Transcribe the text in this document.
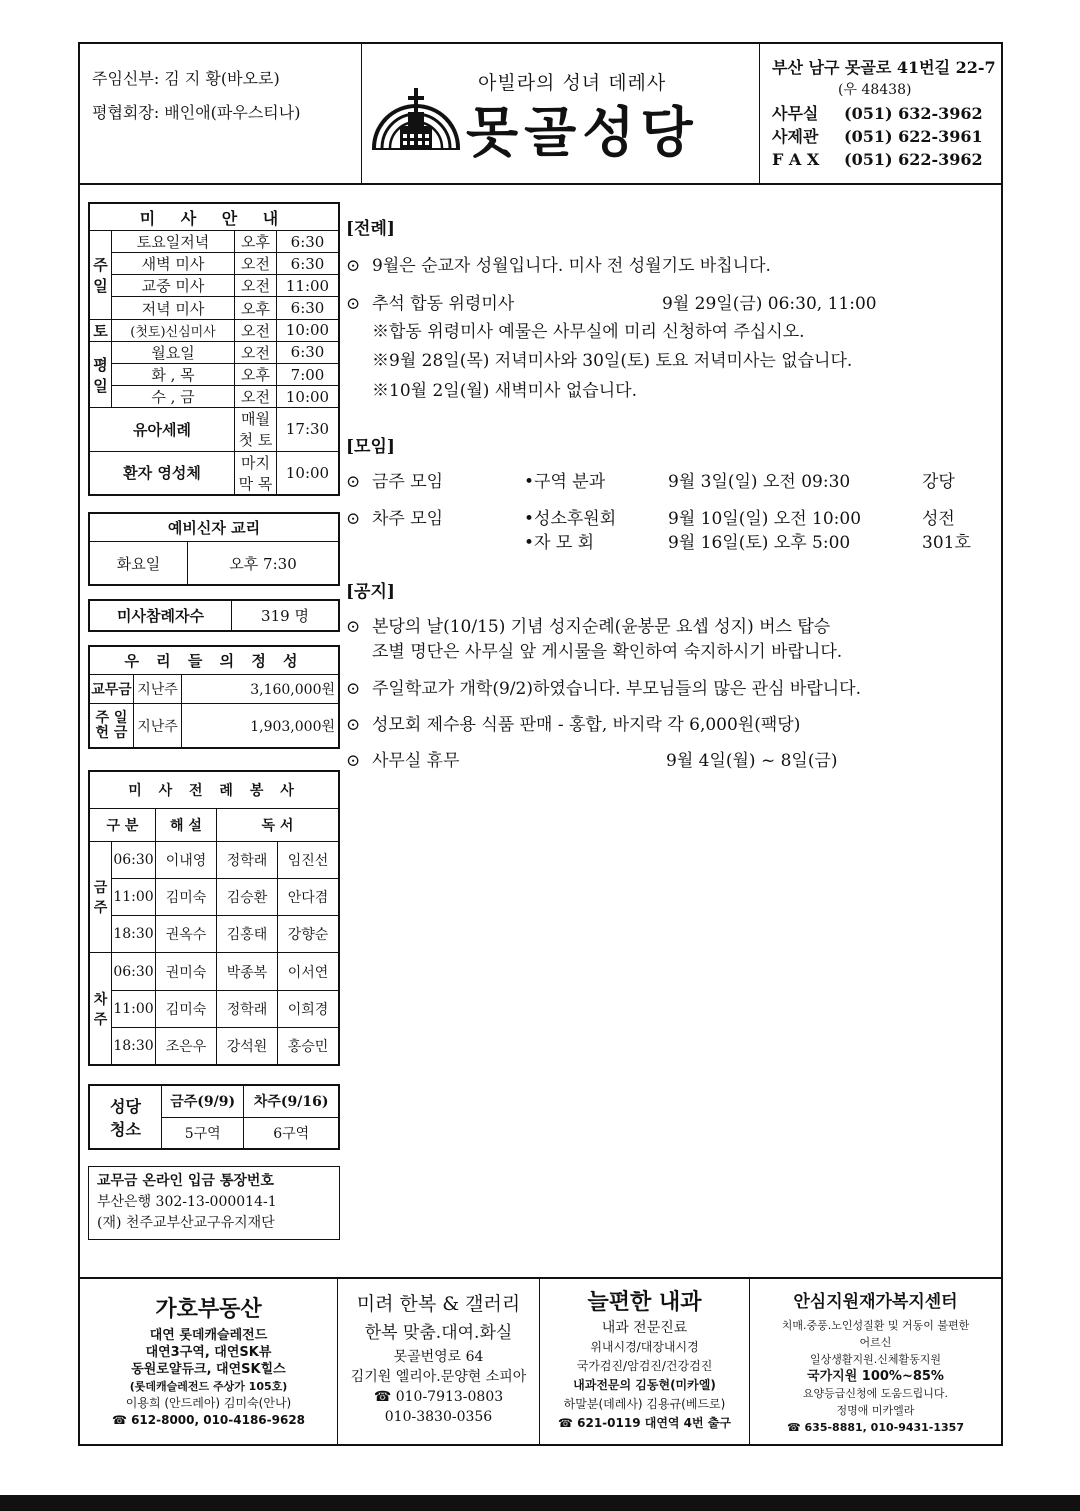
주임신부: 김 지 황(바오로)
평협회장: 배인애(파우스티나)
아빌라의 성녀 데레사
못골성당
부산 남구 못골로 41번길 22-7
(우 48438)
사무실	(051) 632-3962
사제관	(051) 622-3961
F A X	(051) 622-3962
미 사 안 내			
주일	토요일저녁	오후	6:30
	새벽 미사	오전	6:30
	교중 미사	오전	11:00
	저녁 미사	오후	6:30
토	(첫토)신심미사	오전	10:00
평일	월요일	오전	6:30
	화 , 목	오후	7:00
	수 , 금	오전	10:00
유아세례		매월 첫 토	17:30
환자 영성체		마지막 목	10:00
예비신자 교리
화요일	오후 7:30
미사참례자수	319 명
우 리 들 의 정 성		
교무금	지난주	3,160,000원
주 일 헌 금	지난주	1,903,000원
미 사 전 례 봉 사				
구 분		해 설	독 서	
금주	06:30	이내영	정학래	임진선
	11:00	김미숙	김승환	안다겸
	18:30	권옥수	김홍태	강향순
차주	06:30	권미숙	박종복	이서연
	11:00	김미숙	정학래	이희경
	18:30	조은우	강석원	홍승민
성당 청소	금주(9/9)	차주(9/16)
	5구역	6구역
교무금 온라인 입금 통장번호
부산은행 302-13-000014-1
(재) 천주교부산교구유지재단
[전례]
⊙ 9월은 순교자 성월입니다. 미사 전 성월기도 바칩니다.
⊙ 추석 합동 위령미사	9월 29일(금) 06:30, 11:00
※합동 위령미사 예물은 사무실에 미리 신청하여 주십시오.
※9월 28일(목) 저녁미사와 30일(토) 토요 저녁미사는 없습니다.
※10월 2일(월) 새벽미사 없습니다.
[모임]
⊙ 금주 모임	•구역 분과	9월 3일(일) 오전 09:30	강당
⊙ 차주 모임	•성소후원회	9월 10일(일) 오전 10:00	성전
•자 모 회	9월 16일(토) 오후 5:00	301호
[공지]
⊙ 본당의 날(10/15) 기념 성지순례(윤봉문 요셉 성지) 버스 탑승
조별 명단은 사무실 앞 게시물을 확인하여 숙지하시기 바랍니다.
⊙ 주일학교가 개학(9/2)하였습니다. 부모님들의 많은 관심 바랍니다.
⊙ 성모회 제수용 식품 판매 - 홍합, 바지락 각 6,000원(팩당)
⊙ 사무실 휴무	9월 4일(월) ~ 8일(금)
가호부동산
대연 롯데캐슬레전드
대연3구역, 대연SK뷰
동원로얄듀크, 대연SK힐스
(롯데캐슬레전드 주상가 105호)
이용희 (안드레아) 김미숙(안나)
☎ 612-8000, 010-4186-9628
미려 한복 & 갤러리
한복 맞춤.대여.화실
못골번영로 64
김기원 엘리아.문양현 소피아
☎ 010-7913-0803
010-3830-0356
늘편한 내과
내과 전문진료
위내시경/대장내시경
국가검진/암검진/건강검진
내과전문의 김동현(미카엘)
하말분(데레사) 김용규(베드로)
☎ 621-0119 대연역 4번 출구
안심지원재가복지센터
치매.중풍.노인성질환 및 거동이 불편한
어르신
일상생활지원.신체활동지원
국가지원 100%~85%
요양등급신청에 도움드립니다.
정명애 미카엘라
☎ 635-8881, 010-9431-1357
